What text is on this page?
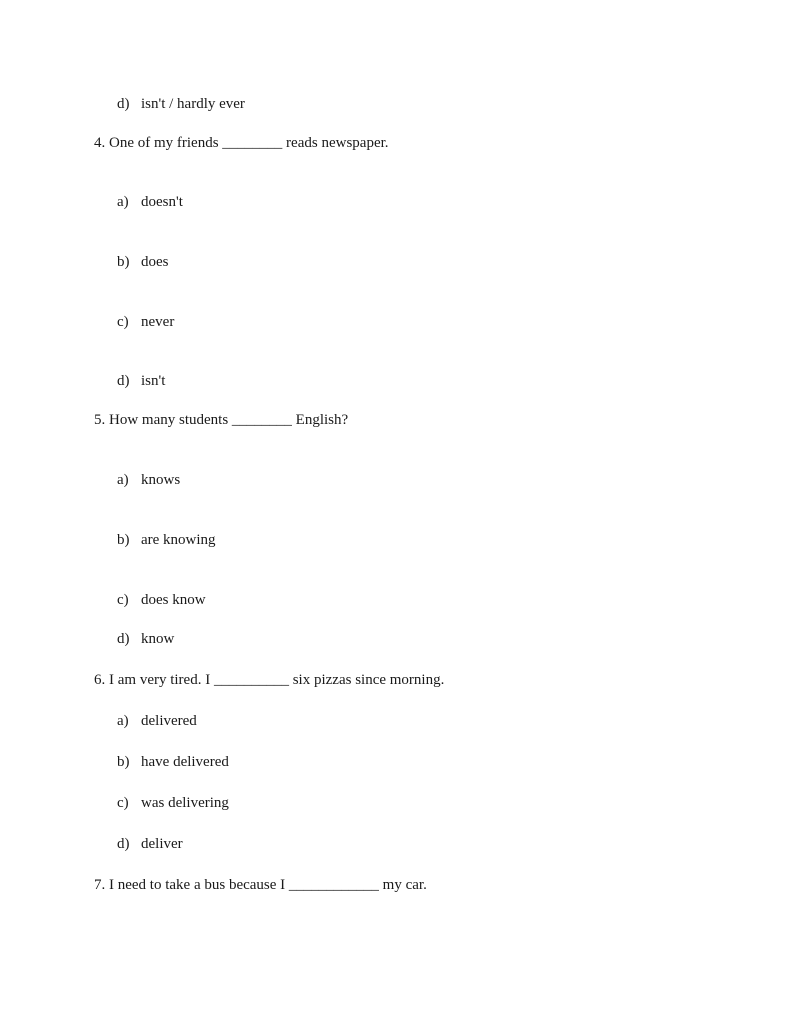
d) isn't / hardly ever
4. One of my friends ________ reads newspaper.
a) doesn't
b) does
c) never
d) isn't
5. How many students ________ English?
a) knows
b) are knowing
c) does know
d) know
6. I am very tired. I __________ six pizzas since morning.
a) delivered
b) have delivered
c) was delivering
d) deliver
7. I need to take a bus because I ____________ my car.
